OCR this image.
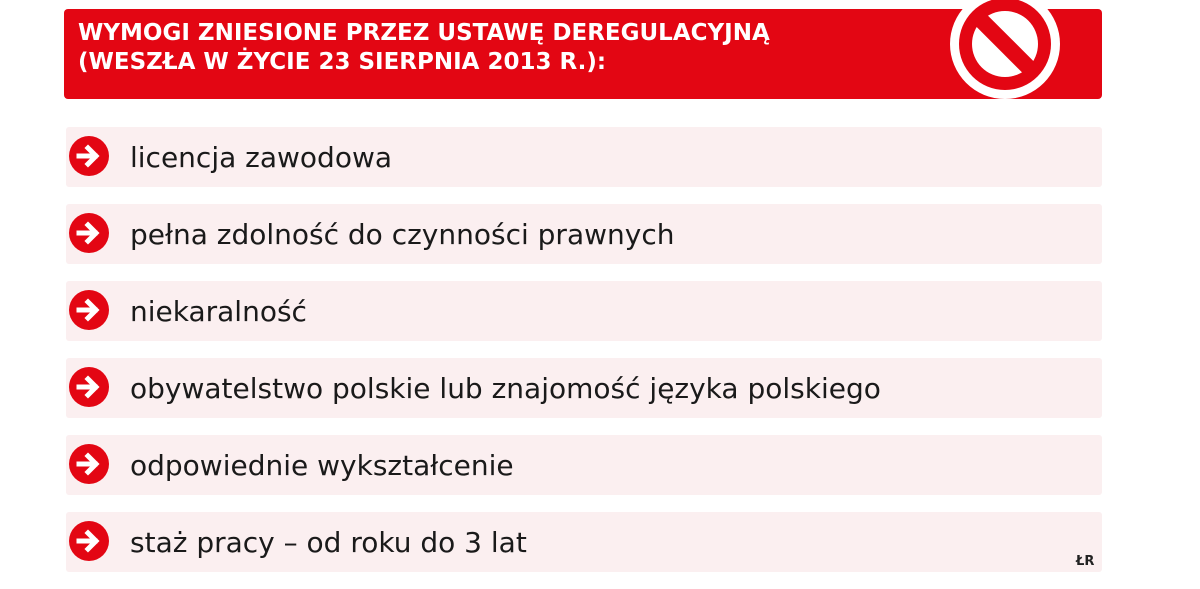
WYMOGI ZNIESIONE PRZEZ USTAWĘ DEREGULACYJNĄ
(WESZŁA W ŻYCIE 23 SIERPNIA 2013 R.):
licencja zawodowa
pełna zdolność do czynności prawnych
niekaralność
obywatelstwo polskie lub znajomość języka polskiego
odpowiednie wykształcenie
staż pracy – od roku do 3 lat
ŁR
